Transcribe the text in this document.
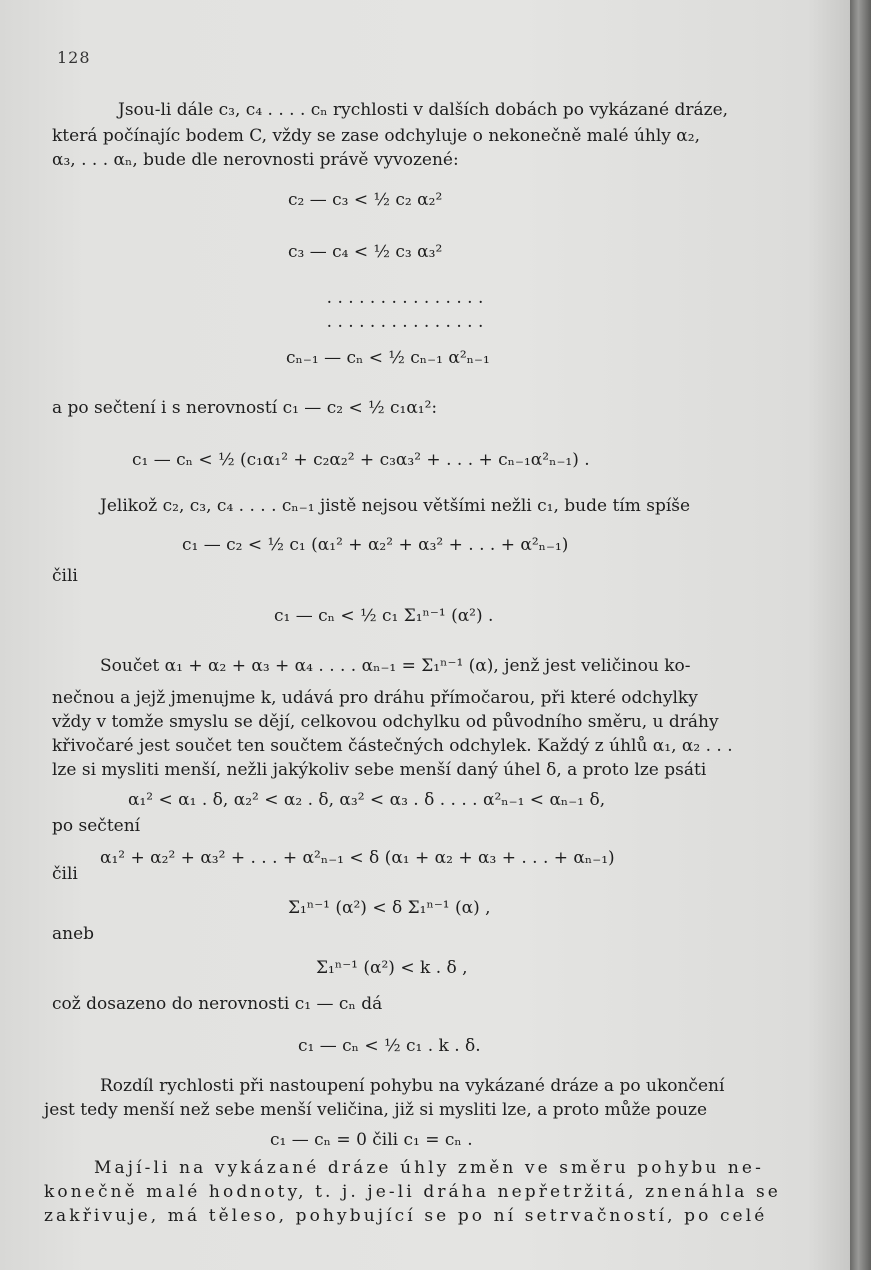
128
Jsou-li dále c₃, c₄ . . . . cₙ rychlosti v dalších dobách po vykázané dráze,
která počínajíc bodem C, vždy se zase odchyluje o nekonečně malé úhly α₂,
α₃, . . . αₙ, bude dle nerovnosti právě vyvozené:
c₂ — c₃ < ½ c₂ α₂²
c₃ — c₄ < ½ c₃ α₃²
. . . . . . . . . . . . . . .
. . . . . . . . . . . . . . .
cₙ₋₁ — cₙ < ½ cₙ₋₁ α²ₙ₋₁
a po sečtení i s nerovností c₁ — c₂ < ½ c₁α₁²:
c₁ — cₙ < ½ (c₁α₁² + c₂α₂² + c₃α₃² + . . . + cₙ₋₁α²ₙ₋₁) .
Jelikož c₂, c₃, c₄ . . . . cₙ₋₁ jistě nejsou většími nežli c₁, bude tím spíše
c₁ — c₂ < ½ c₁ (α₁² + α₂² + α₃² + . . . + α²ₙ₋₁)
čili
c₁ — cₙ < ½ c₁ Σ₁ⁿ⁻¹ (α²) .
Součet α₁ + α₂ + α₃ + α₄ . . . . αₙ₋₁ = Σ₁ⁿ⁻¹ (α), jenž jest veličinou ko-
nečnou a jejž jmenujme k, udává pro dráhu přímočarou, při které odchylky
vždy v tomže smyslu se dějí, celkovou odchylku od původního směru, u dráhy
křivočaré jest součet ten součtem částečných odchylek. Každý z úhlů α₁, α₂ . . .
lze si mysliti menší, nežli jakýkoliv sebe menší daný úhel δ, a proto lze psáti
α₁² < α₁ . δ, α₂² < α₂ . δ, α₃² < α₃ . δ . . . . α²ₙ₋₁ < αₙ₋₁ δ,
po sečtení
α₁² + α₂² + α₃² + . . . + α²ₙ₋₁ < δ (α₁ + α₂ + α₃ + . . . + αₙ₋₁)
čili
Σ₁ⁿ⁻¹ (α²) < δ Σ₁ⁿ⁻¹ (α) ,
aneb
Σ₁ⁿ⁻¹ (α²) < k . δ ,
což dosazeno do nerovnosti c₁ — cₙ dá
c₁ — cₙ < ½ c₁ . k . δ.
Rozdíl rychlosti při nastoupení pohybu na vykázané dráze a po ukončení
jest tedy menší než sebe menší veličina, již si mysliti lze, a proto může pouze
c₁ — cₙ = 0 čili c₁ = cₙ .
Mají-li na vykázané dráze úhly změn ve směru pohybu ne-
konečně malé hodnoty, t. j. je-li dráha nepřetržitá, znenáhla se
zakřivuje, má těleso, pohybující se po ní setrvačností, po celé
